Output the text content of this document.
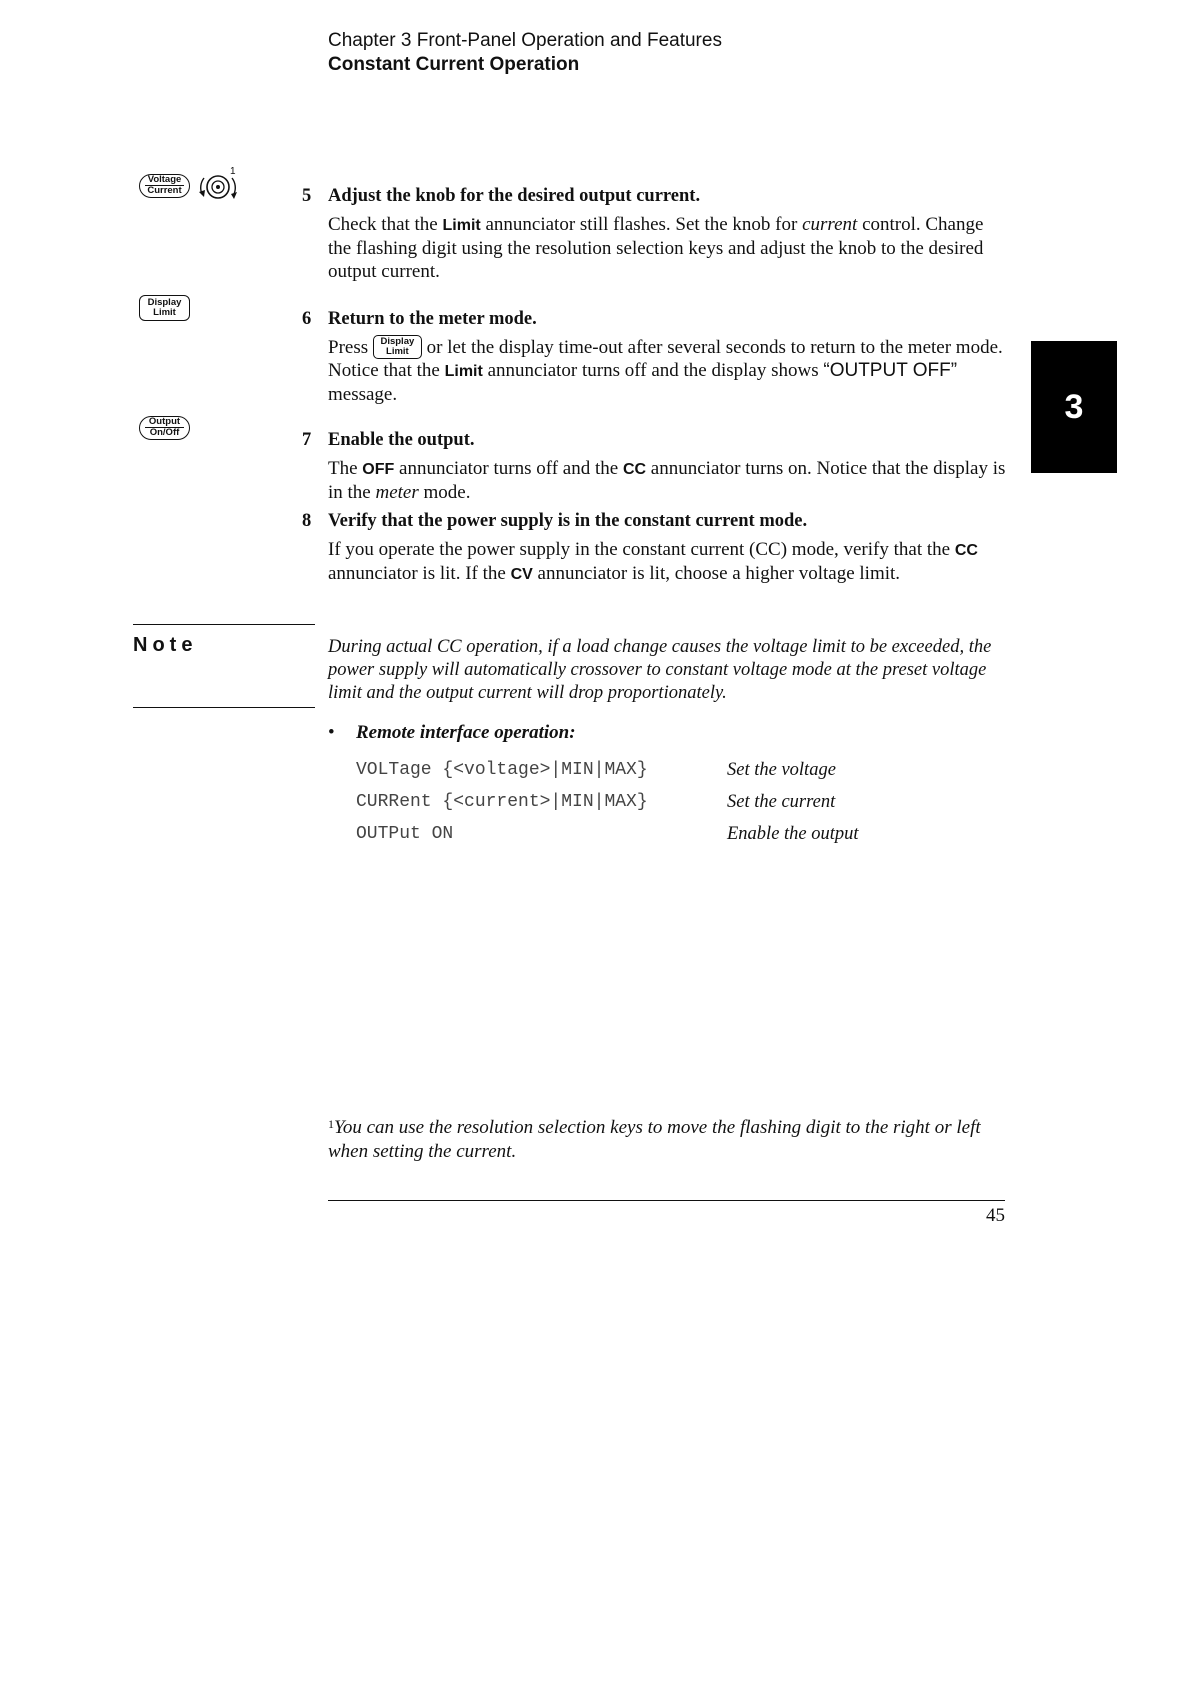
Chapter 3 Front-Panel Operation and Features
Constant Current Operation
Voltage
Current
1
Display
Limit
Output
On/Off
3
5 Adjust the knob for the desired output current.
Check that the Limit annunciator still flashes. Set the knob for current control. Change the flashing digit using the resolution selection keys and adjust the knob to the desired output current.
6 Return to the meter mode.
Press Display
Limit or let the display time-out after several seconds to return to the meter mode. Notice that the Limit annunciator turns off and the display shows “OUTPUT OFF” message.
7 Enable the output.
The OFF annunciator turns off and the CC annunciator turns on. Notice that the display is in the meter mode.
8 Verify that the power supply is in the constant current mode.
If you operate the power supply in the constant current (CC) mode, verify that the CC annunciator is lit. If the CV annunciator is lit, choose a higher voltage limit.
Note	During actual CC operation, if a load change causes the voltage limit to be exceeded, the power supply will automatically crossover to constant voltage mode at the preset voltage limit and the output current will drop proportionately.
• Remote interface operation:
VOLTage {<voltage>|MIN|MAX}	Set the voltage
CURRent {<current>|MIN|MAX}	Set the current
OUTPut ON	Enable the output
$^1$You can use the resolution selection keys to move the flashing digit to the right or left when setting the current.
45
